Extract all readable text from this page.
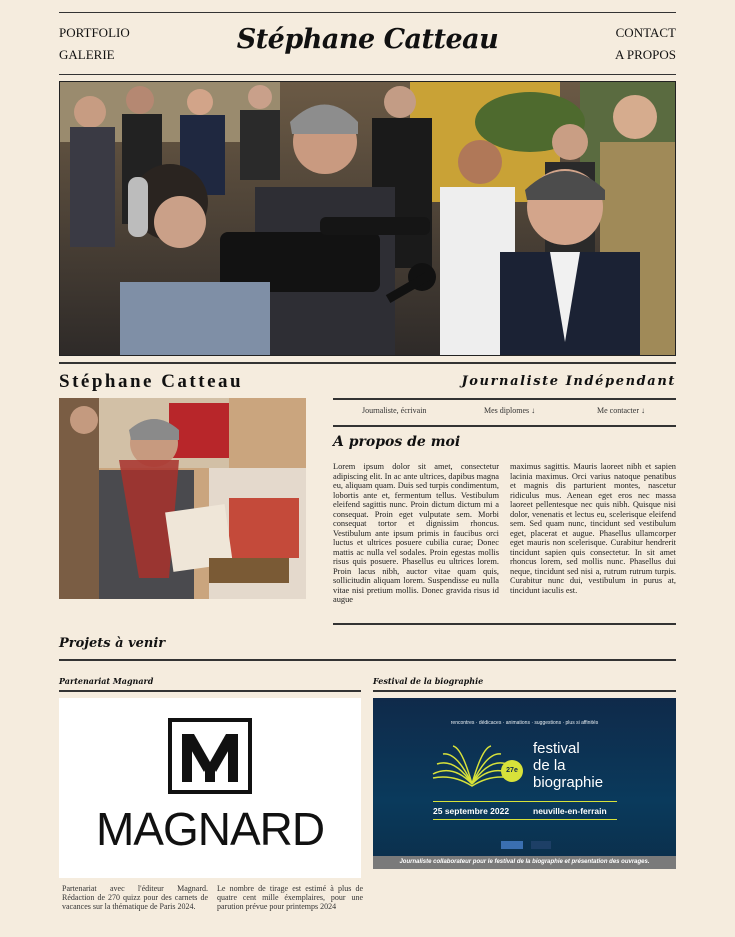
PORTFOLIO
GALERIE	Stéphane Catteau	CONTACT
A PROPOS
Stéphane Catteau	Journaliste Indépendant
Journaliste, écrivain	Mes diplomes ↓	Me contacter ↓
A propos de moi
Lorem ipsum dolor sit amet, consectetur adipiscing elit. In ac ante ultrices, dapibus magna eu, aliquam quam. Duis sed turpis condimentum, lobortis ante et, fermentum tellus. Vestibulum eleifend sagittis nunc. Proin dictum dictum mi a consequat. Proin eget vulputate sem. Morbi consequat tortor et dignissim rhoncus. Vestibulum ante ipsum primis in faucibus orci luctus et ultrices posuere cubilia curae; Donec mattis ac nulla vel sodales. Proin egestas mollis risus quis posuere. Phasellus eu ultrices lorem. Proin lacus nibh, auctor vitae quam quis, sollicitudin aliquam lorem. Suspendisse eu nulla vitae nisi pretium mollis. Donec gravida risus id augue
maximus sagittis. Mauris laoreet nibh et sapien lacinia maximus. Orci varius natoque penatibus et magnis dis parturient montes, nascetur ridiculus mus. Aenean eget eros nec massa laoreet pellentesque nec quis nibh. Quisque nisi dolor, venenatis et lectus eu, scelerisque eleifend sem. Sed quam nunc, tincidunt sed vestibulum eget, placerat et augue. Phasellus ullamcorper eget mauris non scelerisque. Curabitur hendrerit tincidunt sapien quis consectetur. In sit amet rhoncus lorem, sed mollis nunc. Phasellus dui neque, tincidunt sed nisi a, rutrum rutrum turpis. Curabitur nunc dui, vestibulum in purus at, tincidunt iaculis est.
Projets à venir
Partenariat Magnard	Festival de la biographie
MAGNARD
rencontres · dédicaces · animations · suggestions · plus si affinités
27e
festival
de la
biographie
25 septembre 2022	neuville-en-ferrain

Journaliste collaborateur pour le festival de la biographie et présentation des ouvrages.
Partenariat avec l'éditeur Magnard. Rédaction de 270 quizz pour des carnets de vacances sur la thématique de Paris 2024.
Le nombre de tirage est estimé à plus de quatre cent mille éxemplaires, pour une parution prévue pour printemps 2024
